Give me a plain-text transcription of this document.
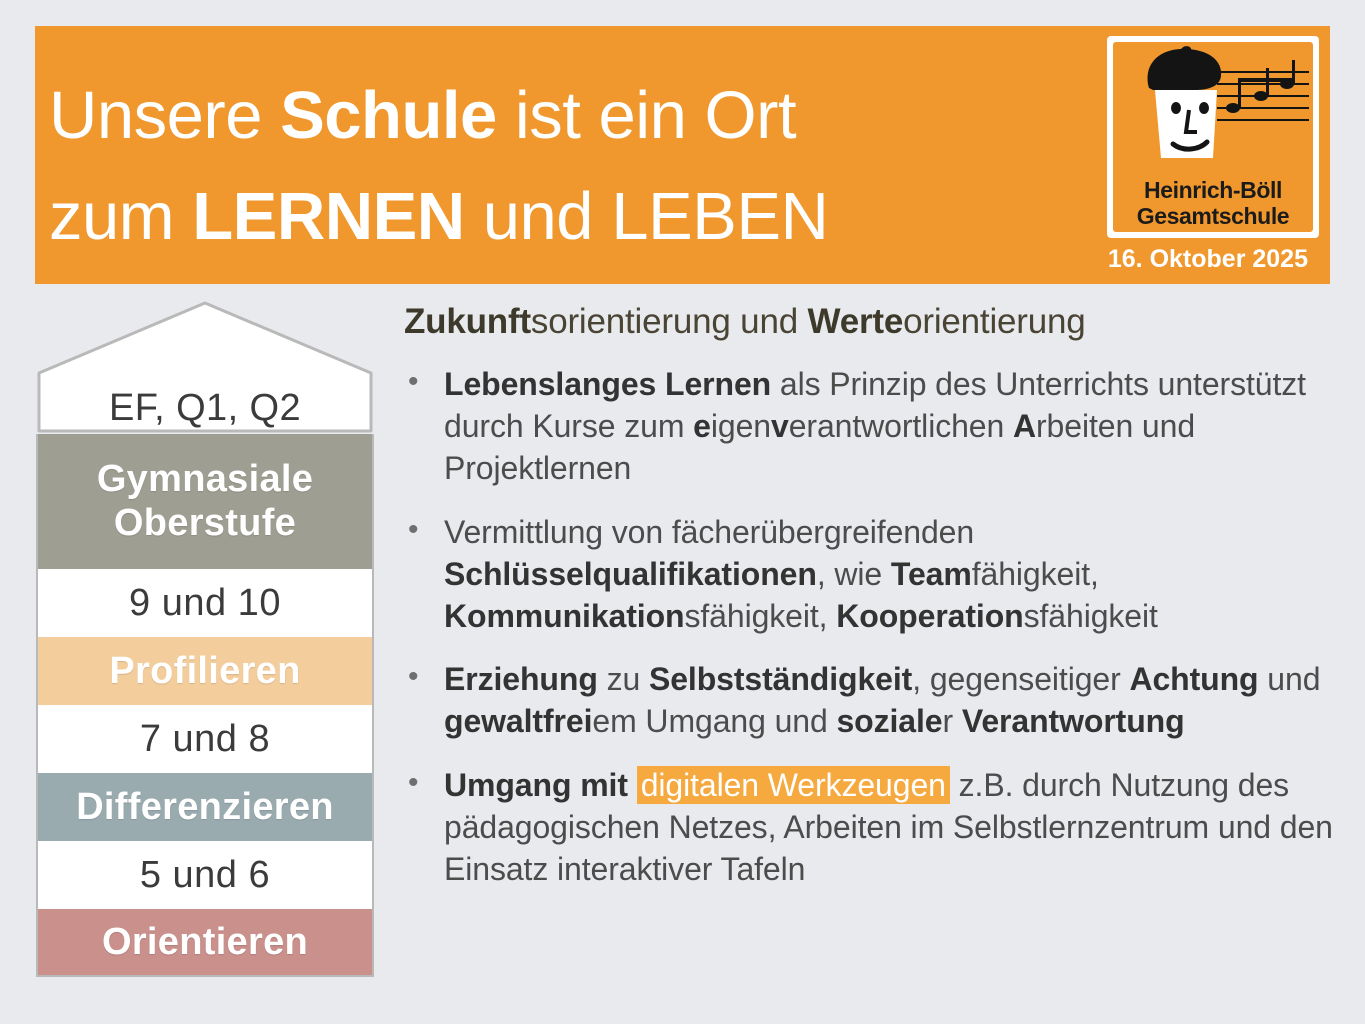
Unsere Schule ist ein Ort
zum LERNEN und LEBEN	Heinrich-Böll
Gesamtschule
16. Oktober 2025
EF, Q1, Q2
Gymnasiale
Oberstufe
9 und 10
Profilieren
7 und 8
Differenzieren
5 und 6
Orientieren
Zukunftsorientierung und Werteorientierung
• Lebenslanges Lernen als Prinzip des Unterrichts unterstützt durch Kurse zum eigenverantwortlichen Arbeiten und Projektlernen
• Vermittlung von fächerübergreifenden Schlüsselqualifikationen, wie Teamfähigkeit, Kommunikationsfähigkeit, Kooperationsfähigkeit
• Erziehung zu Selbstständigkeit, gegenseitiger Achtung und gewaltfreiem Umgang und sozialer Verantwortung
• Umgang mit digitalen Werkzeugen z.B. durch Nutzung des pädagogischen Netzes, Arbeiten im Selbstlernzentrum und den Einsatz interaktiver Tafeln
